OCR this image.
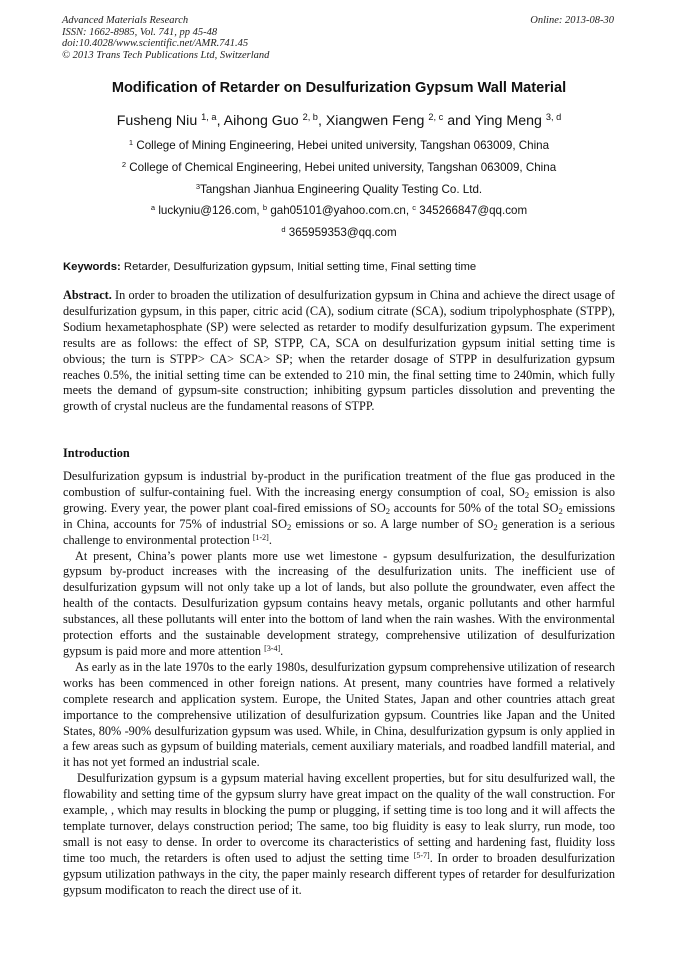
Advanced Materials Research
ISSN: 1662-8985, Vol. 741, pp 45-48
doi:10.4028/www.scientific.net/AMR.741.45
© 2013 Trans Tech Publications Ltd, Switzerland
Online: 2013-08-30
Modification of Retarder on Desulfurization Gypsum Wall Material
Fusheng Niu $^{1, a}$, Aihong Guo $^{2, b}$, Xiangwen Feng $^{2, c}$ and Ying Meng $^{3, d}$
$^1$ College of Mining Engineering, Hebei united university, Tangshan 063009, China
$^2$ College of Chemical Engineering, Hebei united university, Tangshan 063009, China
$^3$Tangshan Jianhua Engineering Quality Testing Co. Ltd.
$^a$ luckyniu@126.com, $^b$ gah05101@yahoo.com.cn, $^c$ 345266847@qq.com
$^d$ 365959353@qq.com
Keywords: Retarder, Desulfurization gypsum, Initial setting time, Final setting time
Abstract. In order to broaden the utilization of desulfurization gypsum in China and achieve the direct usage of desulfurization gypsum, in this paper, citric acid (CA), sodium citrate (SCA), sodium tripolyphosphate (STPP), Sodium hexametaphosphate (SP) were selected as retarder to modify desulfurization gypsum. The experiment results are as follows: the effect of SP, STPP, CA, SCA on desulfurization gypsum initial setting time is obvious; the turn is STPP> CA> SCA> SP; when the retarder dosage of STPP in desulfurization gypsum reaches 0.5%, the initial setting time can be extended to 210 min, the final setting time to 240min, which fully meets the demand of gypsum-site construction; inhibiting gypsum particles dissolution and preventing the growth of crystal nucleus are the fundamental reasons of STPP.
Introduction

Desulfurization gypsum is industrial by-product in the purification treatment of the flue gas produced in the combustion of sulfur-containing fuel. With the increasing energy consumption of coal, $SO_2$ emission is also growing. Every year, the power plant coal-fired emissions of $SO_2$ accounts for 50% of the total $SO_2$ emissions in China, accounts for 75% of industrial $SO_2$ emissions or so. A large number of $SO_2$ generation is a serious challenge to environmental protection [1-2].

At present, China’s power plants more use wet limestone - gypsum desulfurization, the desulfurization gypsum by-product increases with the increasing of the desulfurization units. The inefficient use of desulfurization gypsum will not only take up a lot of lands, but also pollute the groundwater, even affect the health of the contacts. Desulfurization gypsum contains heavy metals, organic pollutants and other harmful substances, all these pollutants will enter into the bottom of land when the rain washes. With the environmental protection efforts and the sustainable development strategy, comprehensive utilization of desulfurization gypsum is paid more and more attention [3-4].

As early as in the late 1970s to the early 1980s, desulfurization gypsum comprehensive utilization of research works has been commenced in other foreign nations. At present, many countries have formed a relatively complete research and application system. Europe, the United States, Japan and other countries attach great importance to the comprehensive utilization of desulfurization gypsum. Countries like Japan and the United States, 80% -90% desulfurization gypsum was used. While, in China, desulfurization gypsum is only applied in a few areas such as gypsum of building materials, cement auxiliary materials, and roadbed landfill material, and it has not yet formed an industrial scale.

Desulfurization gypsum is a gypsum material having excellent properties, but for situ desulfurized wall, the flowability and setting time of the gypsum slurry have great impact on the quality of the wall construction. For example, , which may results in blocking the pump or plugging, if setting time is too long and it will affects the template turnover, delays construction period; The same, too big fluidity is easy to leak slurry, run mode, too small is not easy to dense. In order to overcome its characteristics of setting and hardening fast, fluidity loss time too much, the retarders is often used to adjust the setting time [5-7]. In order to broaden desulfurization gypsum utilization pathways in the city, the paper mainly research different types of retarder for desulfurization gypsum modificaton to reach the direct use of it.
